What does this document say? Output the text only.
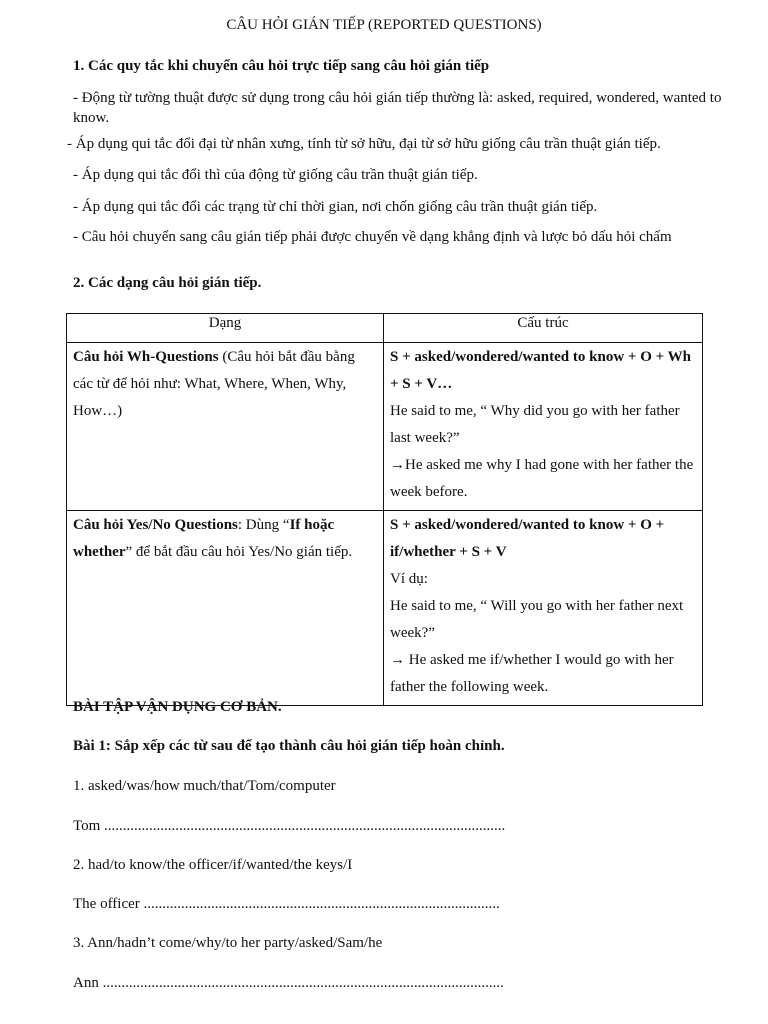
CÂU HỎI GIÁN TIẾP (REPORTED QUESTIONS)
1. Các quy tắc khi chuyển câu hỏi trực tiếp sang câu hỏi gián tiếp
- Động từ tường thuật được sử dụng trong câu hỏi gián tiếp thường là: asked, required, wondered, wanted to know.
- Áp dụng qui tắc đổi đại từ nhân xưng, tính từ sở hữu, đại từ sở hữu giống câu trần thuật gián tiếp.
- Áp dụng qui tắc đổi thì của động từ giống câu trần thuật gián tiếp.
- Áp dụng qui tắc đổi các trạng từ chỉ thời gian, nơi chốn giống câu trần thuật gián tiếp.
- Câu hỏi chuyển sang câu gián tiếp phải được chuyển về dạng khẳng định và lược bỏ dấu hỏi chấm
2. Các dạng câu hỏi gián tiếp.
Dạng	Cấu trúc
Câu hỏi Wh-Questions (Câu hỏi bắt đầu bằng các từ để hỏi như: What, Where, When, Why, How…)	S + asked/wondered/wanted to know + O + Wh + S + V…
He said to me, “ Why did you go with her father last week?”
→He asked me why I had gone with her father the week before.

Câu hỏi Yes/No Questions: Dùng “If hoặc whether” để bắt đầu câu hỏi Yes/No gián tiếp.	S + asked/wondered/wanted to know + O + if/whether + S + V
Ví dụ:
He said to me, “ Will you go with her father next week?”
→ He asked me if/whether I would go with her father the following week.
BÀI TẬP VẬN DỤNG CƠ BẢN.
Bài 1: Sắp xếp các từ sau để tạo thành câu hỏi gián tiếp hoàn chỉnh.
1. asked/was/how much/that/Tom/computer
Tom ...........................................................................................................
2. had/to know/the officer/if/wanted/the keys/I
The officer ...............................................................................................
3. Ann/hadn’t come/why/to her party/asked/Sam/he
Ann ...........................................................................................................
